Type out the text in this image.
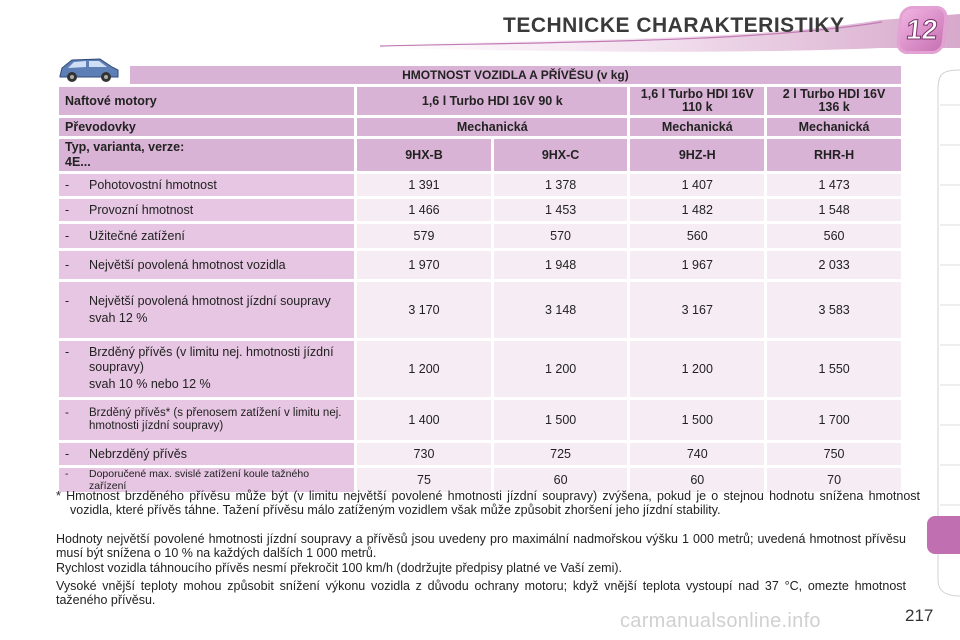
TECHNICKE CHARAKTERISTIKY 12
	HMOTNOST VOZIDLA A PŘÍVĚSU (v kg)				
Naftové motory		1,6 l Turbo HDI 16V 90 k		1,6 l Turbo HDI 16V 110 k	2 l Turbo HDI 16V 136 k
Převodovky		Mechanická		Mechanická	Mechanická

Typ, varianta, verze:
4E...		9HX-B	9HX-C	9HZ-H	RHR-H

- Pohotovostní hmotnost		1 391	1 378	1 407	1 473

- Provozní hmotnost		1 466	1 453	1 482	1 548

- Užitečné zatížení		579	570	560	560

- Největší povolená hmotnost vozidla		1 970	1 948	1 967	2 033

- Největší povolená hmotnost jízdní soupravy
svah 12 %		3 170	3 148	3 167	3 583

- Brzděný přívěs (v limitu nej. hmotnosti jízdní soupravy)
svah 10 % nebo 12 %		1 200	1 200	1 200	1 550

- Brzděný přívěs* (s přenosem zatížení v limitu nej. hmotnosti jízdní soupravy)		1 400	1 500	1 500	1 700

- Nebrzděný přívěs		730	725	740	750

- Doporučené max. svislé zatížení koule tažného zařízení		75	60	60	70
* Hmotnost brzděného přívěsu může být (v limitu největší povolené hmotnosti jízdní soupravy) zvýšena, pokud je o stejnou hodnotu snížena hmotnost vozidla, které přívěs táhne. Tažení přívěsu málo zatíženým vozidlem však může způsobit zhoršení jeho jízdní stability.
Hodnoty největší povolené hmotnosti jízdní soupravy a přívěsů jsou uvedeny pro maximální nadmořskou výšku 1 000 metrů; uvedená hmotnost přívěsu musí být snížena o 10 % na každých dalších 1 000 metrů.
Rychlost vozidla táhnoucího přívěs nesmí překročit 100 km/h (dodržujte předpisy platné ve Vaší zemi).
Vysoké vnější teploty mohou způsobit snížení výkonu vozidla z důvodu ochrany motoru; když vnější teplota vystoupí nad 37 °C, omezte hmotnost taženého přívěsu.
carmanualsonline.info	217
